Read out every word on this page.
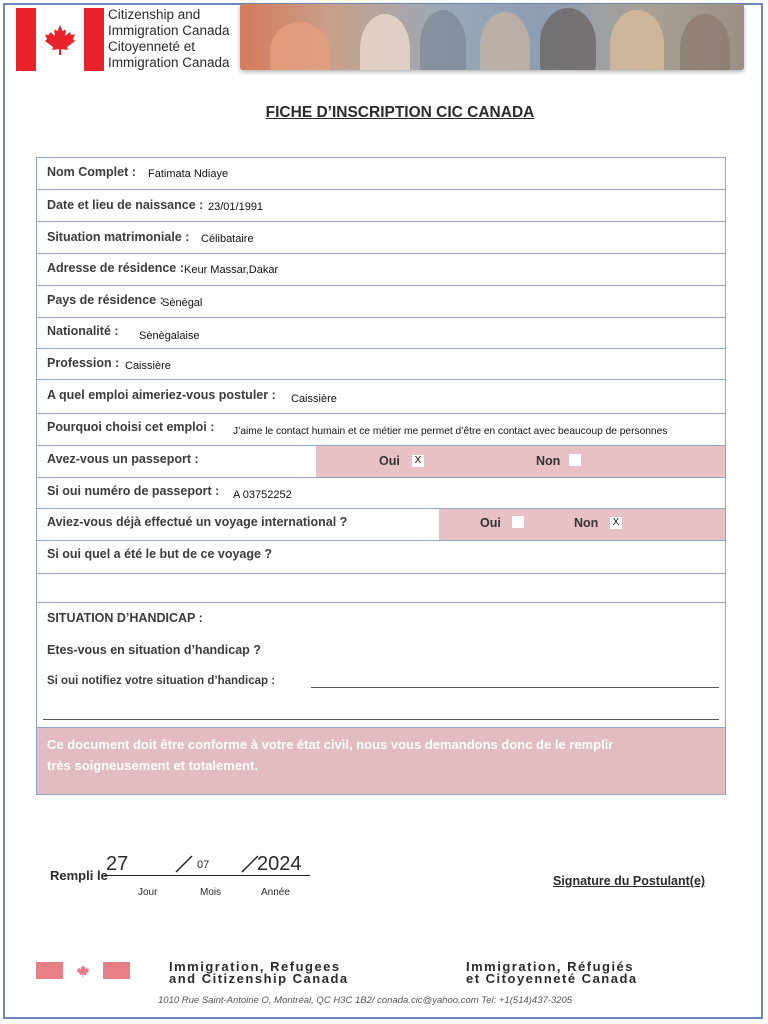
Citizenship and
Immigration Canada
Citoyenneté et
Immigration Canada
FICHE D’INSCRIPTION CIC CANADA
Nom Complet : Fatimata Ndiaye
Date et lieu de naissance : 23/01/1991
Situation matrimoniale : Célibataire
Adresse de résidence : Keur Massar,Dakar
Pays de résidence :
Sènègal
Nationalité : Sènègalaise
Profession : Caissière
A quel emploi aimeriez-vous postuler : Caissière
Pourquoi choisi cet emploi : J’aime le contact humain et ce métier me permet d’être en contact avec beaucoup de personnes
Avez-vous un passeport :	Oui X	Non
Si oui numéro de passeport : A 03752252
Aviez-vous déjà effectué un voyage international ?	Oui	Non X
Si oui quel a été le but de ce voyage ?
SITUATION D’HANDICAP :
Etes-vous en situation d’handicap ?
Si oui notifiez votre situation d’handicap :
Ce document doit être conforme à votre état civil, nous vous demandons donc de le remplir
très soigneusement et totalement.
Rempli le
27	07 2024
Jour	Mois	Année
Signature du Postulant(e)
Immigration, Refugees
and Citizenship Canada
Immigration, Réfugiés
et Citoyenneté Canada
1010 Rue Saint-Antoine O, Montréal, QC H3C 1B2/ conada.cic@yahoo.com Tel: +1(514)437-3205
